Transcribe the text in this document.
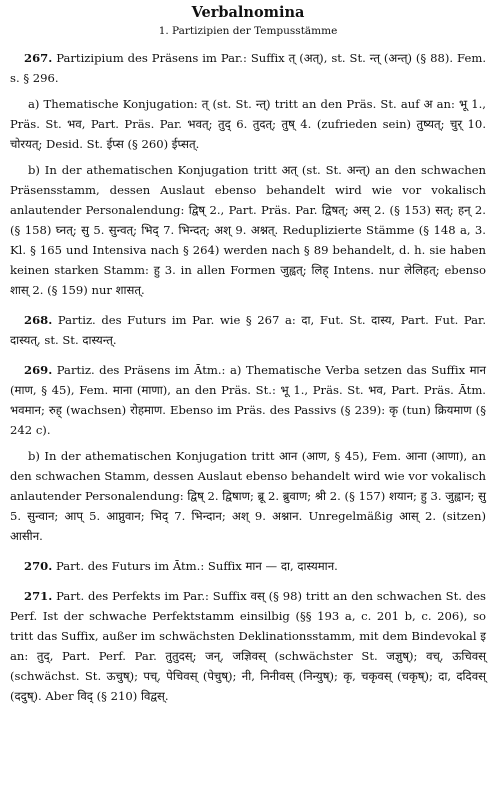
Verbalnomina
1. Partizipien der Tempusstämme

267. Partizipium des Präsens im Par.: Suffix त् (अत्), st. St. न्त् (अन्त्) (§ 88). Fem. s. § 296.

a) Thematische Konjugation: त् (st. St. न्त्) tritt an den Präs. St. auf अ an: भू 1., Präs. St. भव, Part. Präs. Par. भवत्; तुद् 6. तुदत्; तुष् 4. (zufrieden sein) तुष्यत्; चुर् 10. चोरयत्; Desid. St. ईप्स (§ 260) ईप्सत्.

b) In der athematischen Konjugation tritt अत् (st. St. अन्त्) an den schwachen Präsensstamm, dessen Auslaut ebenso behandelt wird wie vor vokalisch anlautender Personalendung: द्विष् 2., Part. Präs. Par. द्विषत्; अस् 2. (§ 153) सत्; हन् 2. (§ 158) घ्नत्; सु 5. सुन्वत्; भिद् 7. भिन्दत्; अश् 9. अश्नत्. Reduplizierte Stämme (§ 148 a, 3. Kl. § 165 und Intensiva nach § 264) werden nach § 89 behandelt, d. h. sie haben keinen starken Stamm: हु 3. in allen Formen जुह्वत्; लिह् Intens. nur लेलिहत्; ebenso शास् 2. (§ 159) nur शासत्.

268. Partiz. des Futurs im Par. wie § 267 a: दा, Fut. St. दास्य, Part. Fut. Par. दास्यत्, st. St. दास्यन्त्.

269. Partiz. des Präsens im Ātm.: a) Thematische Verba setzen das Suffix मान (माण, § 45), Fem. माना (माणा), an den Präs. St.: भू 1., Präs. St. भव, Part. Präs. Ātm. भवमान; रुह् (wachsen) रोहमाण. Ebenso im Präs. des Passivs (§ 239): कृ (tun) क्रियमाण (§ 242 c).

b) In der athematischen Konjugation tritt आन (आण, § 45), Fem. आना (आणा), an den schwachen Stamm, dessen Auslaut ebenso behandelt wird wie vor vokalisch anlautender Personalendung: द्विष् 2. द्विषाण; ब्रू 2. ब्रुवाण; श्री 2. (§ 157) शयान; हु 3. जुह्वान; सु 5. सुन्वान; आप् 5. आप्नुवान; भिद् 7. भिन्दान; अश् 9. अश्नान. Unregelmäßig आस् 2. (sitzen) आसीन.

270. Part. des Futurs im Ātm.: Suffix मान — दा, दास्यमान.

271. Part. des Perfekts im Par.: Suffix वस् (§ 98) tritt an den schwachen St. des Perf. Ist der schwache Perfektstamm einsilbig (§§ 193 a, c. 201 b, c. 206), so tritt das Suffix, außer im schwächsten Deklinationsstamm, mit dem Bindevokal इ an: तुद्, Part. Perf. Par. तुतुदस्; जन्, जज्ञिवस् (schwächster St. जज्ञुष्); वच्, ऊचिवस् (schwächst. St. ऊचुष्); पच्, पेचिवस् (पेचुष्); नी, निनीवस् (निन्युष्); कृ, चकृवस् (चकृष्); दा, ददिवस् (ददुष्). Aber विद् (§ 210) विद्वस्.
